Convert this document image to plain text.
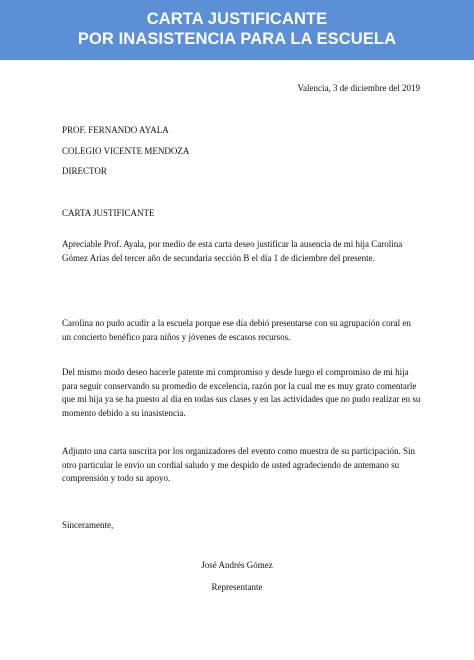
CARTA JUSTIFICANTE
POR INASISTENCIA PARA LA ESCUELA
Valencia, 3 de diciembre del 2019
PROF. FERNANDO AYALA
COLEGIO VICENTE MENDOZA
DIRECTOR
CARTA JUSTIFICANTE
Apreciable Prof. Ayala, por medio de esta carta deseo justificar la ausencia de mi hija Carolina Gómez Arias del tercer año de secundaria sección B el día 1 de diciembre del presente.
Carolina no pudo acudir a la escuela porque ese día debió presentarse con su agrupación coral en un concierto benéfico para niños y jóvenes de escasos recursos.
Del mismo modo deseo hacerle patente mi compromiso y desde luego el compromiso de mi hija para seguir conservando su promedio de excelencia, razón por la cual me es muy grato comentarle que mi hija ya se ha puesto al día en todas sus clases y en las actividades que no pudo realizar en su momento debido a su inasistencia.
Adjunto una carta suscrita por los organizadores del evento como muestra de su participación. Sin otro particular le envío un cordial saludo y me despido de usted agradeciendo de antemano su comprensión y todo su apoyo.
Sinceramente,
José Andrés Gómez
Representante
